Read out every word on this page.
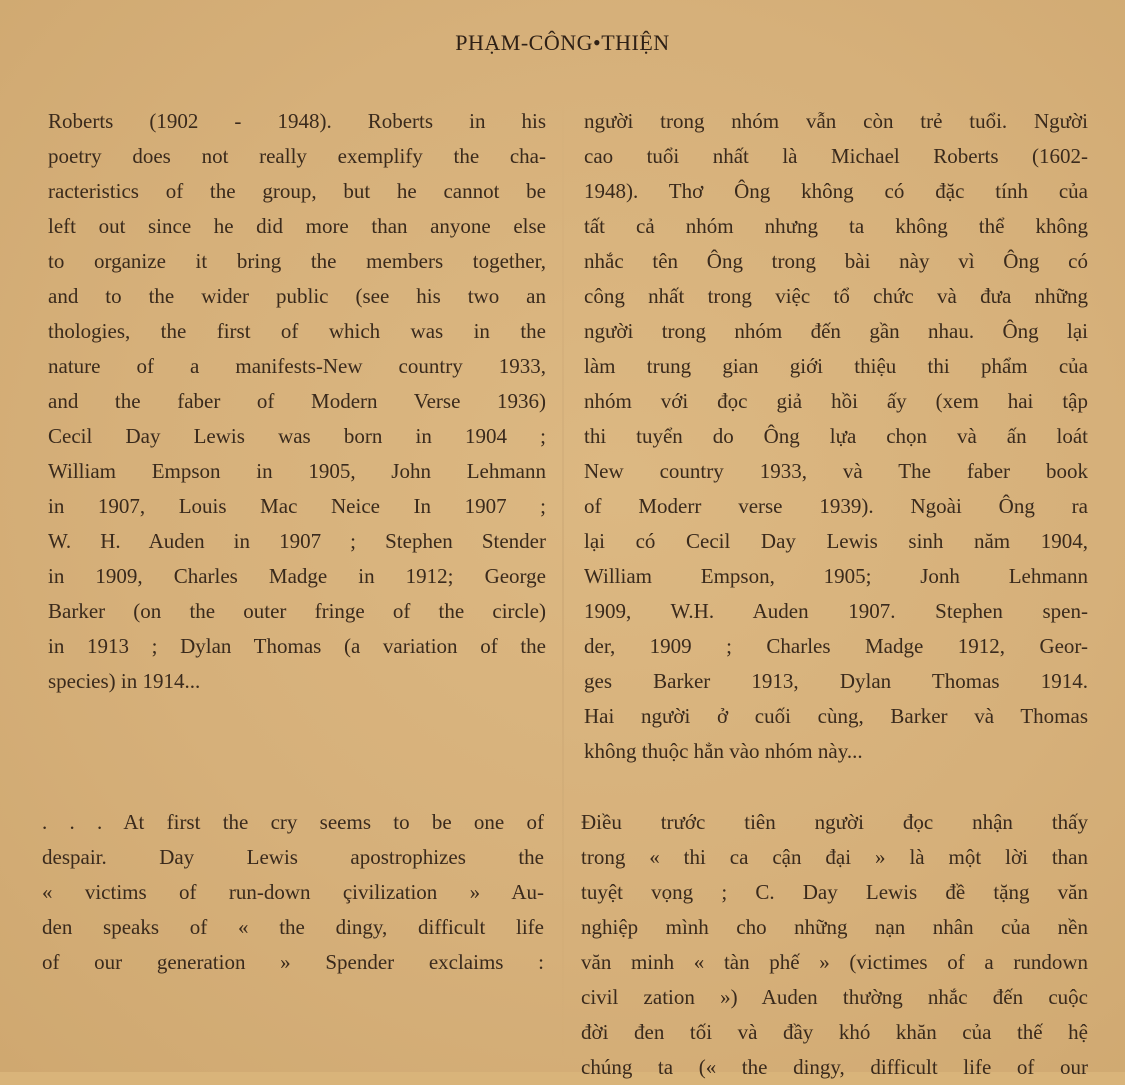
PHẠM-CÔNG•THIỆN
Roberts (1902 - 1948). Roberts in his
poetry does not really exemplify the cha-
racteristics of the group, but he cannot be
left out since he did more than anyone else
to organize it bring the members together,
and to the wider public (see his two an
thologies, the first of which was in the
nature of a manifests-New country 1933,
and the faber of Modern Verse 1936)
Cecil Day Lewis was born in 1904 ;
William Empson in 1905, John Lehmann
in 1907, Louis Mac Neice In 1907 ;
W. H. Auden in 1907 ; Stephen Stender
in 1909, Charles Madge in 1912; George
Barker (on the outer fringe of the circle)
in 1913 ; Dylan Thomas (a variation of the
species) in 1914...
. . . At first the cry seems to be one of
despair. Day Lewis apostrophizes the
« victims of run-down çivilization » Au-
den speaks of « the dingy, difficult life
of our generation » Spender exclaims :
người trong nhóm vẫn còn trẻ tuổi. Người
cao tuổi nhất là Michael Roberts (1602-
1948). Thơ Ông không có đặc tính của
tất cả nhóm nhưng ta không thể không
nhắc tên Ông trong bài này vì Ông có
công nhất trong việc tổ chức và đưa những
người trong nhóm đến gần nhau. Ông lại
làm trung gian giới thiệu thi phẩm của
nhóm với đọc giả hồi ấy (xem hai tập
thi tuyển do Ông lựa chọn và ấn loát
New country 1933, và The faber book
of Moderr verse 1939). Ngoài Ông ra
lại có Cecil Day Lewis sinh năm 1904,
William Empson, 1905; Jonh Lehmann
1909, W.H. Auden 1907. Stephen spen-
der, 1909 ; Charles Madge 1912, Geor-
ges Barker 1913, Dylan Thomas 1914.
Hai người ở cuối cùng, Barker và Thomas
không thuộc hẳn vào nhóm này...
Điều trước tiên người đọc nhận thấy
trong « thi ca cận đại » là một lời than
tuyệt vọng ; C. Day Lewis đề tặng văn
nghiệp mình cho những nạn nhân của nền
văn minh « tàn phế » (victimes of a rundown
civil zation ») Auden thường nhắc đến cuộc
đời đen tối và đầy khó khăn của thế hệ
chúng ta (« the dingy, difficult life of our
